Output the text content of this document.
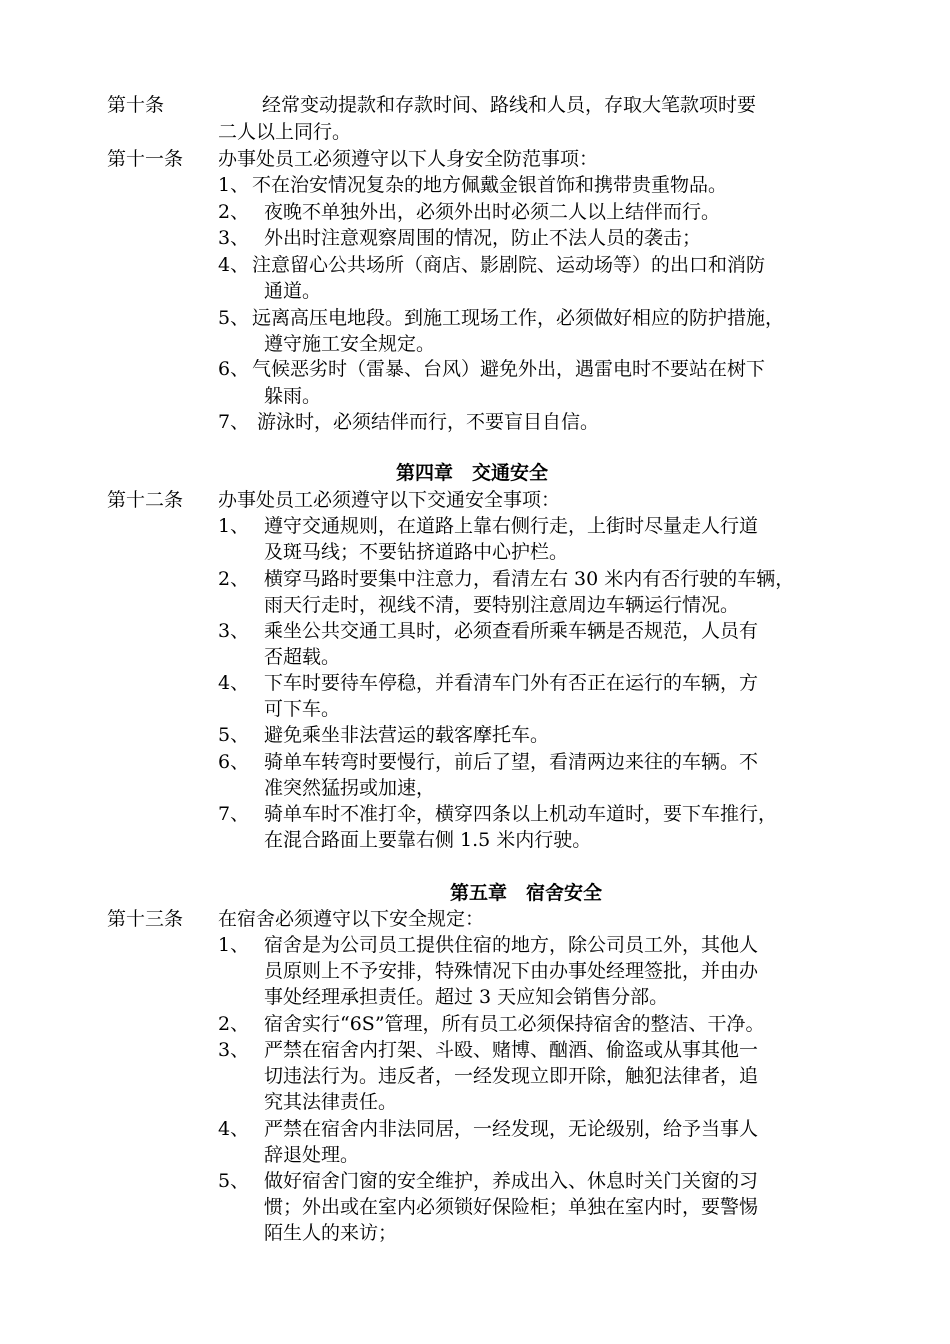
第十条	经常变动提款和存款时间、路线和人员，存取大笔款项时要
二人以上同行。
第十一条 办事处员工必须遵守以下人身安全防范事项：
1、 不在治安情况复杂的地方佩戴金银首饰和携带贵重物品。
2、 夜晚不单独外出，必须外出时必须二人以上结伴而行。
3、 外出时注意观察周围的情况，防止不法人员的袭击；
4、 注意留心公共场所（商店、影剧院、运动场等）的出口和消防
通道。
5、 远离高压电地段。到施工现场工作，必须做好相应的防护措施，
遵守施工安全规定。
6、 气候恶劣时（雷暴、台风）避免外出，遇雷电时不要站在树下
躲雨。
7、 游泳时，必须结伴而行，不要盲目自信。
第四章　交通安全
第十二条 办事处员工必须遵守以下交通安全事项：
1、 遵守交通规则，在道路上靠右侧行走，上街时尽量走人行道
及斑马线；不要钻挤道路中心护栏。
2、 横穿马路时要集中注意力，看清左右 30 米内有否行驶的车辆，
雨天行走时，视线不清，要特别注意周边车辆运行情况。
3、 乘坐公共交通工具时，必须查看所乘车辆是否规范，人员有
否超载。
4、 下车时要待车停稳，并看清车门外有否正在运行的车辆，方
可下车。
5、 避免乘坐非法营运的载客摩托车。
6、 骑单车转弯时要慢行，前后了望，看清两边来往的车辆。不
准突然猛拐或加速，
7、 骑单车时不准打伞，横穿四条以上机动车道时，要下车推行，
在混合路面上要靠右侧 1.5 米内行驶。
第五章　宿舍安全
第十三条 在宿舍必须遵守以下安全规定：
1、 宿舍是为公司员工提供住宿的地方，除公司员工外，其他人
员原则上不予安排，特殊情况下由办事处经理签批，并由办
事处经理承担责任。超过 3 天应知会销售分部。
2、 宿舍实行“6S”管理，所有员工必须保持宿舍的整洁、干净。
3、 严禁在宿舍内打架、斗殴、赌博、酗酒、偷盗或从事其他一
切违法行为。违反者，一经发现立即开除，触犯法律者，追
究其法律责任。
4、 严禁在宿舍内非法同居，一经发现，无论级别，给予当事人
辞退处理。
5、 做好宿舍门窗的安全维护，养成出入、休息时关门关窗的习
惯；外出或在室内必须锁好保险柜；单独在室内时，要警惕
陌生人的来访；
